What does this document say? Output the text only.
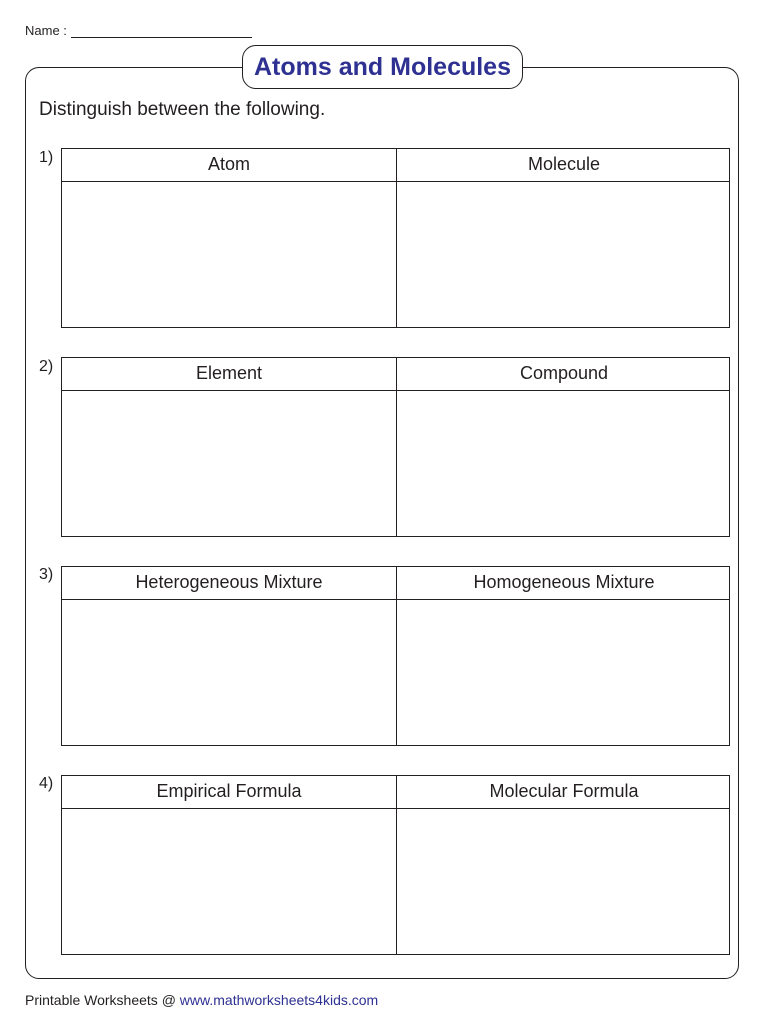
Name :
Atoms and Molecules
Distinguish between the following.
1)	Atom	Molecule
2)	Element	Compound
3)	Heterogeneous Mixture	Homogeneous Mixture
4)	Empirical Formula	Molecular Formula
Printable Worksheets @ www.mathworksheets4kids.com
